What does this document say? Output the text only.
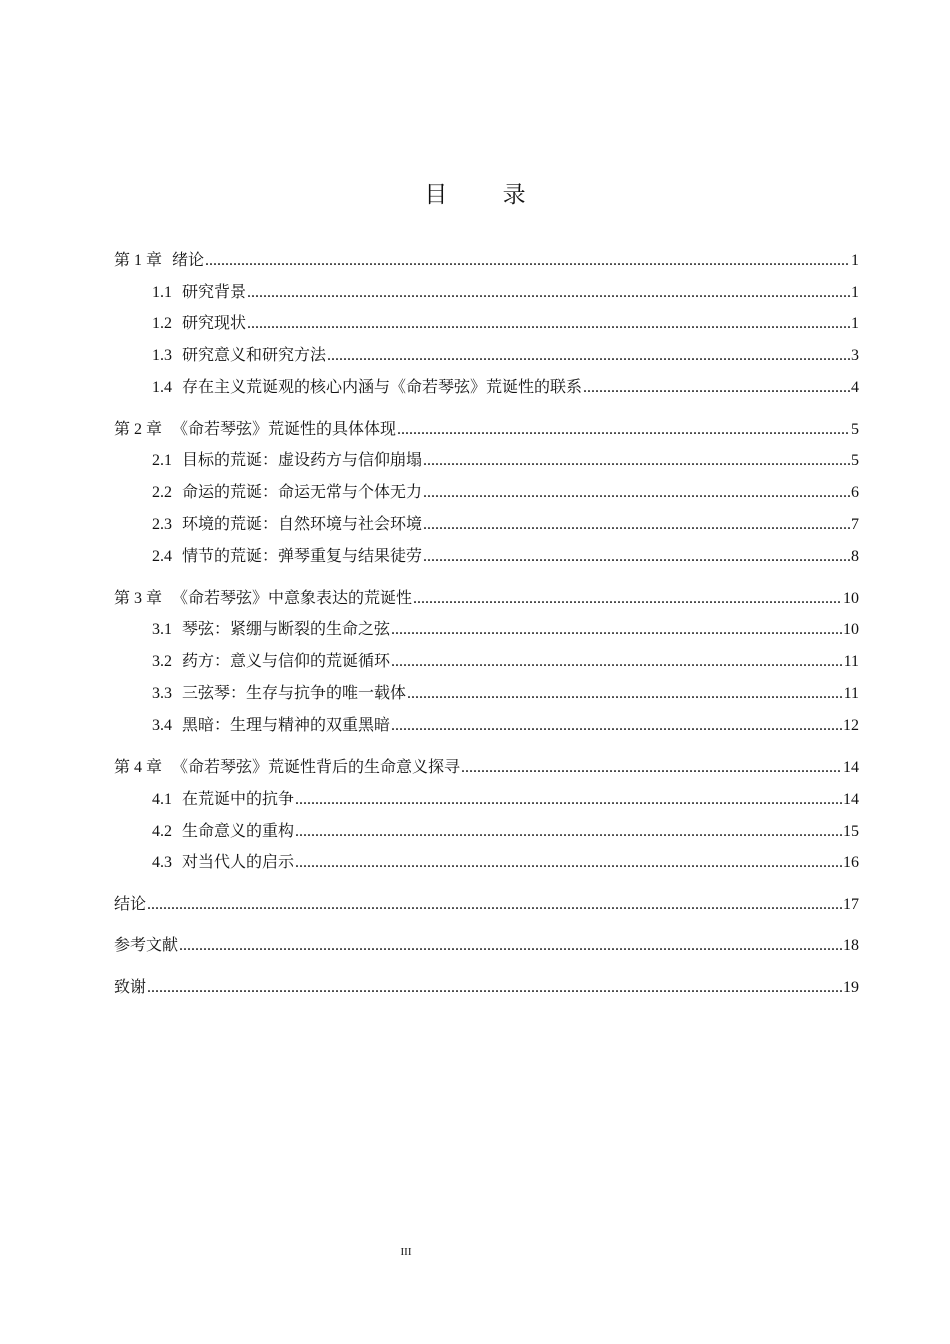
目 录
第 1 章 绪论 .....	1
1.1 研究背景 .....	1
1.2 研究现状 .....	1
1.3 研究意义和研究方法 .....	3
1.4 存在主义荒诞观的核心内涵与《命若琴弦》荒诞性的联系 .....	4
第 2 章 《命若琴弦》荒诞性的具体体现 .....	5
2.1 目标的荒诞：虚设药方与信仰崩塌 .....	5
2.2 命运的荒诞：命运无常与个体无力 .....	6
2.3 环境的荒诞：自然环境与社会环境 .....	7
2.4 情节的荒诞：弹琴重复与结果徒劳 .....	8
第 3 章 《命若琴弦》中意象表达的荒诞性 .....	10
3.1 琴弦：紧绷与断裂的生命之弦 .....	10
3.2 药方：意义与信仰的荒诞循环 .....	11
3.3 三弦琴：生存与抗争的唯一载体 .....	11
3.4 黑暗：生理与精神的双重黑暗 .....	12
第 4 章 《命若琴弦》荒诞性背后的生命意义探寻 .....	14
4.1 在荒诞中的抗争 .....	14
4.2 生命意义的重构 .....	15
4.3 对当代人的启示 .....	16
结论 .....	17
参考文献 .....	18
致谢 .....	19
III
